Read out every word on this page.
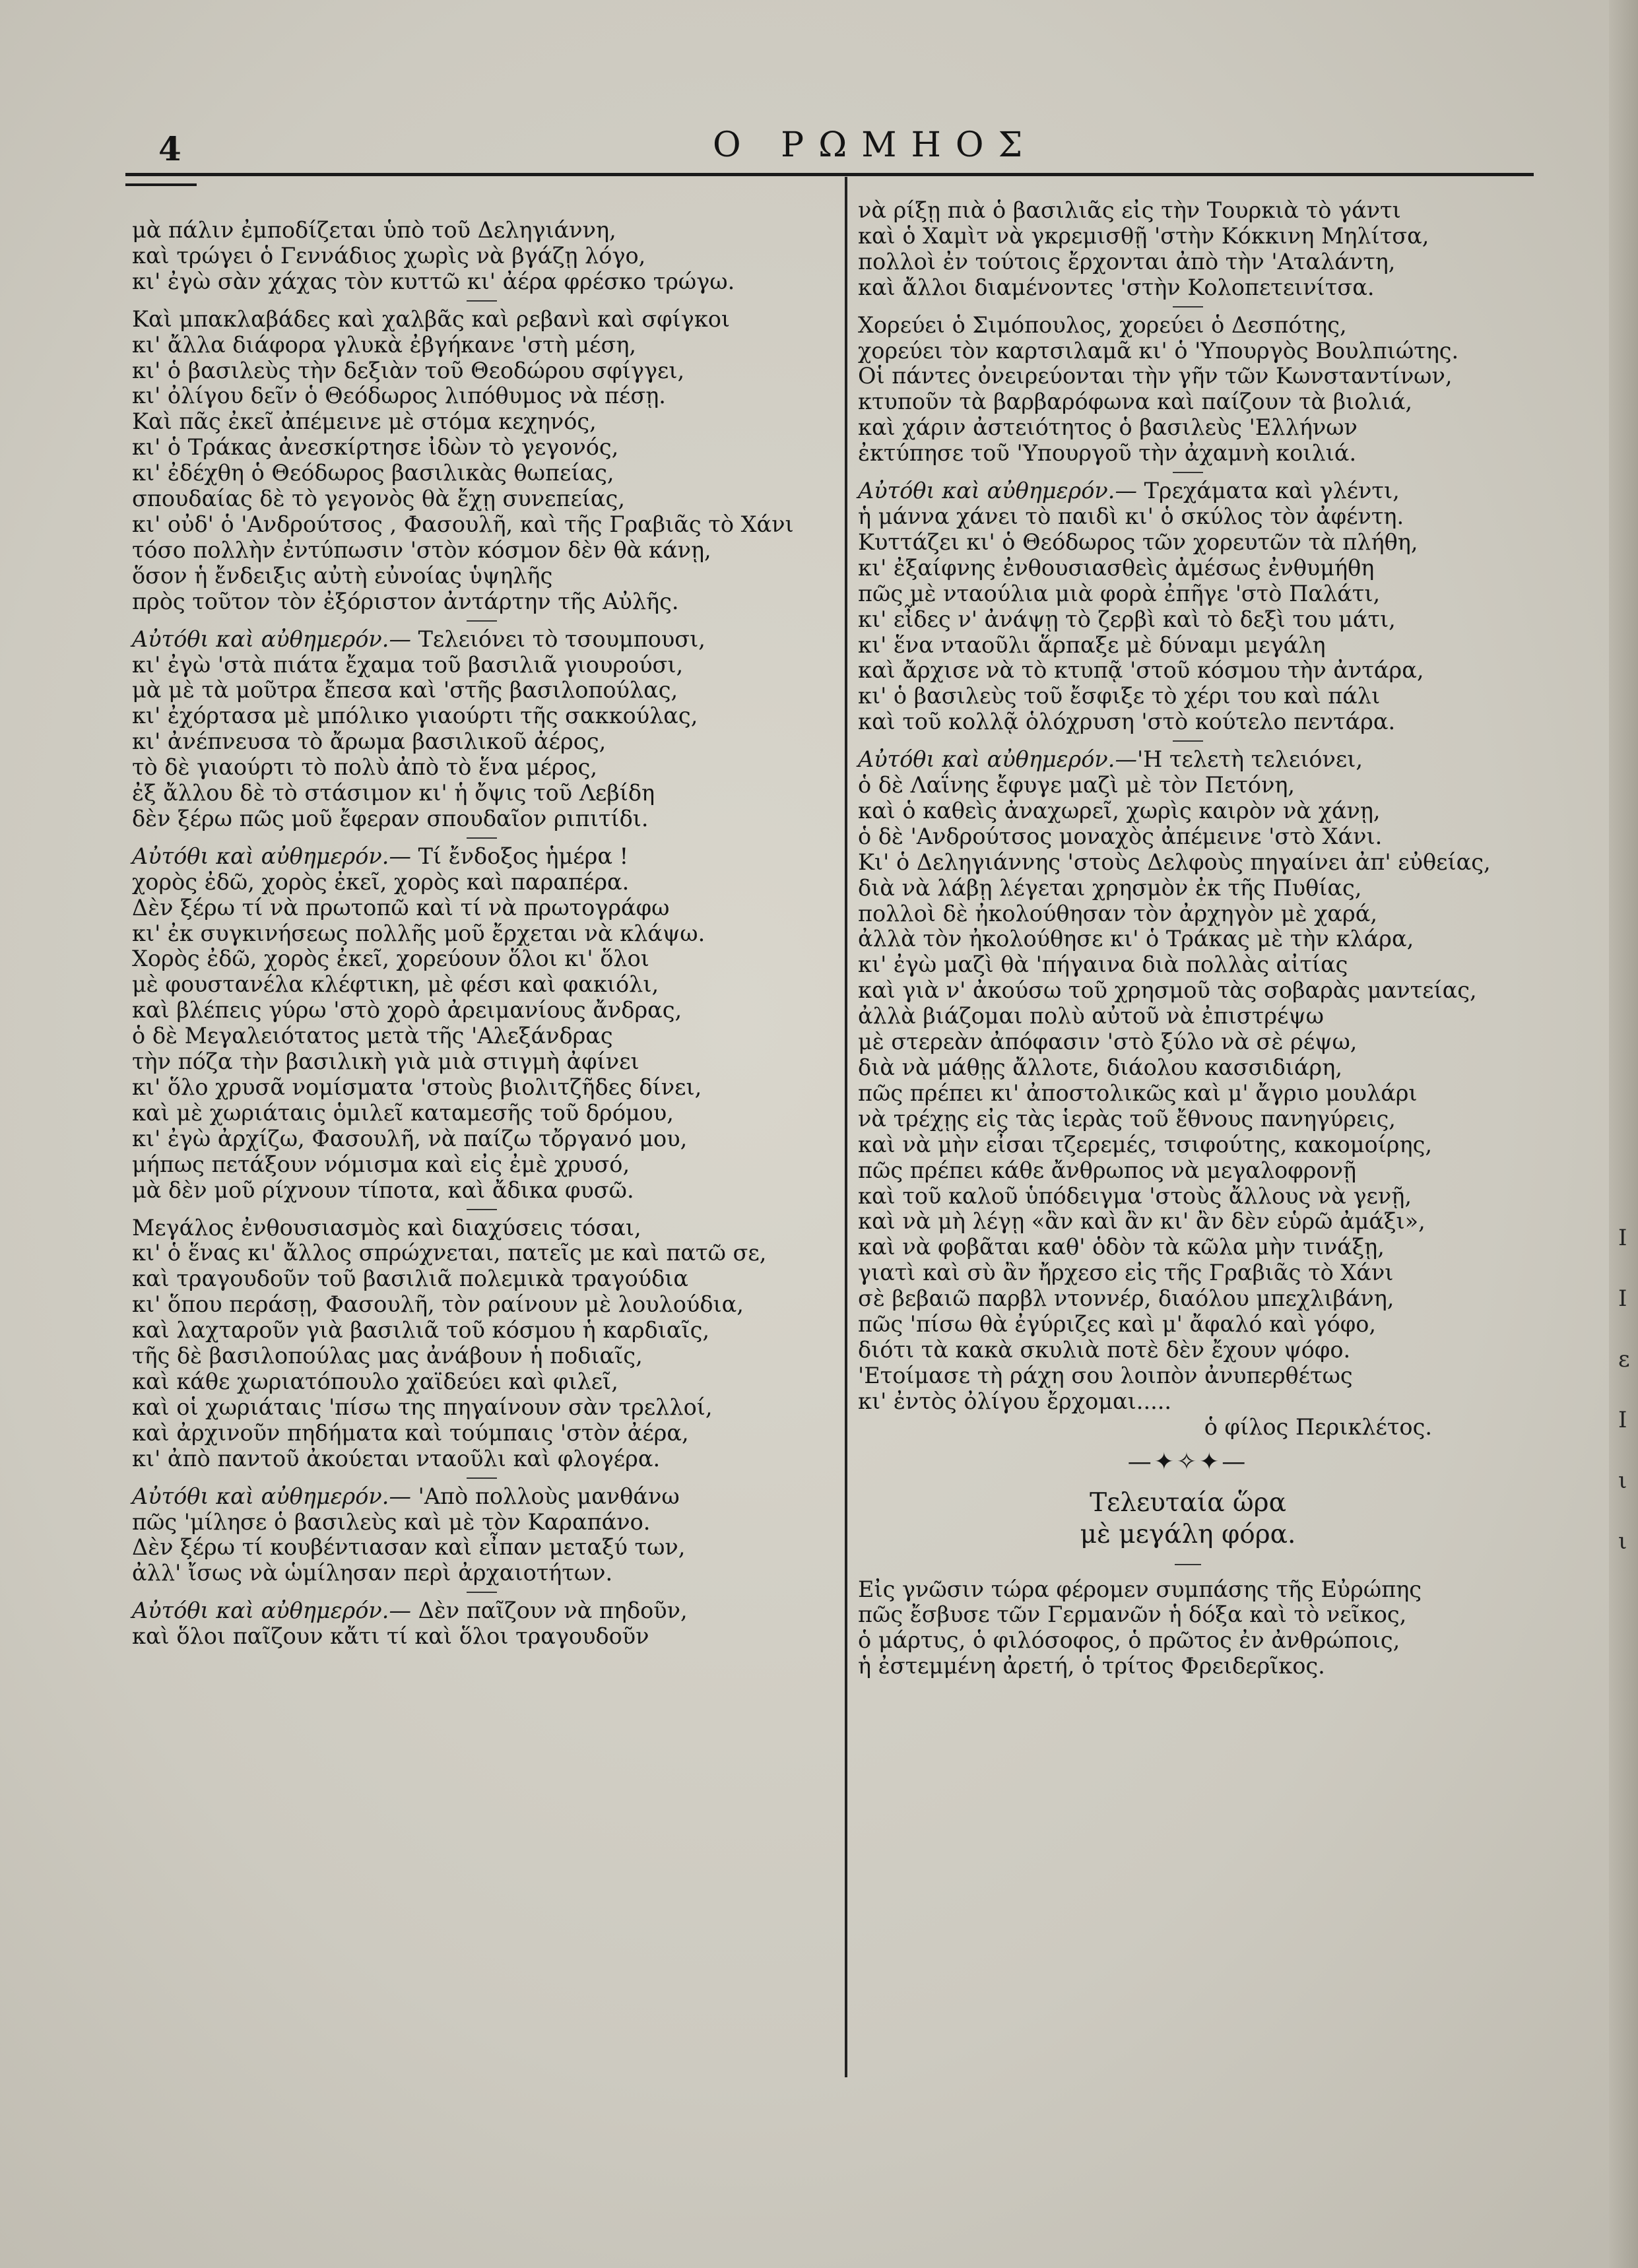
4	Ο ΡΩΜΗΟΣ
μὰ πάλιν ἐμποδίζεται ὑπὸ τοῦ Δεληγιάννη,
καὶ τρώγει ὁ Γεννάδιος χωρὶς νὰ βγάζῃ λόγο,
κι' ἐγὼ σὰν χάχας τὸν κυττῶ κι' ἀέρα φρέσκο τρώγω.
Καὶ μπακλαβάδες καὶ χαλβᾶς καὶ ρεβανὶ καὶ σφίγκοι
κι' ἄλλα διάφορα γλυκὰ ἐβγήκανε 'στὴ μέση,
κι' ὁ βασιλεὺς τὴν δεξιὰν τοῦ Θεοδώρου σφίγγει,
κι' ὀλίγου δεῖν ὁ Θεόδωρος λιπόθυμος νὰ πέσῃ.
Καὶ πᾶς ἐκεῖ ἀπέμεινε μὲ στόμα κεχηνός,
κι' ὁ Τράκας ἀνεσκίρτησε ἰδὼν τὸ γεγονός,
κι' ἐδέχθη ὁ Θεόδωρος βασιλικὰς θωπείας,
σπουδαίας δὲ τὸ γεγονὸς θὰ ἔχῃ συνεπείας,
κι' οὐδ' ὁ 'Ανδρούτσος , Φασουλῆ, καὶ τῆς Γραβιᾶς τὸ Χάνι
τόσο πολλὴν ἐντύπωσιν 'στὸν κόσμον δὲν θὰ κάνῃ,
ὅσον ἡ ἔνδειξις αὐτὴ εὐνοίας ὑψηλῆς
πρὸς τοῦτον τὸν ἐξόριστον ἀντάρτην τῆς Αὐλῆς.
Αὐτόθι καὶ αὐθημερόν.— Τελειόνει τὸ τσουμπουσι,
κι' ἐγὼ 'στὰ πιάτα ἔχαμα τοῦ βασιλιᾶ γιουρούσι,
μὰ μὲ τὰ μοῦτρα ἔπεσα καὶ 'στῆς βασιλοπούλας,
κι' ἐχόρτασα μὲ μπόλικο γιαούρτι τῆς σακκούλας,
κι' ἀνέπνευσα τὸ ἄρωμα βασιλικοῦ ἀέρος,
τὸ δὲ γιαούρτι τὸ πολὺ ἀπὸ τὸ ἕνα μέρος,
ἐξ ἄλλου δὲ τὸ στάσιμον κι' ἡ ὄψις τοῦ Λεβίδη
δὲν ξέρω πῶς μοῦ ἔφεραν σπουδαῖον ριπιτίδι.
Αὐτόθι καὶ αὐθημερόν.— Τί ἔνδοξος ἡμέρα !
χορὸς ἐδῶ, χορὸς ἐκεῖ, χορὸς καὶ παραπέρα.
Δὲν ξέρω τί νὰ πρωτοπῶ καὶ τί νὰ πρωτογράφω
κι' ἐκ συγκινήσεως πολλῆς μοῦ ἔρχεται νὰ κλάψω.
Χορὸς ἐδῶ, χορὸς ἐκεῖ, χορεύουν ὅλοι κι' ὅλοι
μὲ φουστανέλα κλέφτικη, μὲ φέσι καὶ φακιόλι,
καὶ βλέπεις γύρω 'στὸ χορὸ ἀρειμανίους ἄνδρας,
ὁ δὲ Μεγαλειότατος μετὰ τῆς 'Αλεξάνδρας
τὴν πόζα τὴν βασιλικὴ γιὰ μιὰ στιγμὴ ἀφίνει
κι' ὅλο χρυσᾶ νομίσματα 'στοὺς βιολιτζῆδες δίνει,
καὶ μὲ χωριάταις ὁμιλεῖ καταμεσῆς τοῦ δρόμου,
κι' ἐγὼ ἀρχίζω, Φασουλῆ, νὰ παίζω τὄργανό μου,
μήπως πετάξουν νόμισμα καὶ εἰς ἐμὲ χρυσό,
μὰ δὲν μοῦ ρίχνουν τίποτα, καὶ ἄδικα φυσῶ.
Μεγάλος ἐνθουσιασμὸς καὶ διαχύσεις τόσαι,
κι' ὁ ἕνας κι' ἄλλος σπρώχνεται, πατεῖς με καὶ πατῶ σε,
καὶ τραγουδοῦν τοῦ βασιλιᾶ πολεμικὰ τραγούδια
κι' ὅπου περάσῃ, Φασουλῆ, τὸν ραίνουν μὲ λουλούδια,
καὶ λαχταροῦν γιὰ βασιλιᾶ τοῦ κόσμου ἡ καρδιαῖς,
τῆς δὲ βασιλοπούλας μας ἀνάβουν ἡ ποδιαῖς,
καὶ κάθε χωριατόπουλο χαϊδεύει καὶ φιλεῖ,
καὶ οἱ χωριάταις 'πίσω της πηγαίνουν σὰν τρελλοί,
καὶ ἀρχινοῦν πηδήματα καὶ τούμπαις 'στὸν ἀέρα,
κι' ἀπὸ παντοῦ ἀκούεται νταοῦλι καὶ φλογέρα.
Αὐτόθι καὶ αὐθημερόν.— 'Απὸ πολλοὺς μανθάνω
πῶς 'μίλησε ὁ βασιλεὺς καὶ μὲ τὸν Καραπάνο.
Δὲν ξέρω τί κουβέντιασαν καὶ εἶπαν μεταξύ των,
ἀλλ' ἴσως νὰ ὡμίλησαν περὶ ἀρχαιοτήτων.
Αὐτόθι καὶ αὐθημερόν.— Δὲν παῖζουν νὰ πηδοῦν,
καὶ ὅλοι παῖζουν κἄτι τί καὶ ὅλοι τραγουδοῦν
νὰ ρίξῃ πιὰ ὁ βασιλιᾶς εἰς τὴν Τουρκιὰ τὸ γάντι
καὶ ὁ Χαμὶτ νὰ γκρεμισθῇ 'στὴν Κόκκινη Μηλίτσα,
πολλοὶ ἐν τούτοις ἔρχονται ἀπὸ τὴν 'Αταλάντη,
καὶ ἄλλοι διαμένοντες 'στὴν Κολοπετεινίτσα.
Χορεύει ὁ Σιμόπουλος, χορεύει ὁ Δεσπότης,
χορεύει τὸν καρτσιλαμᾶ κι' ὁ 'Υπουργὸς Βουλπιώτης.
Οἱ πάντες ὀνειρεύονται τὴν γῆν τῶν Κωνσταντίνων,
κτυποῦν τὰ βαρβαρόφωνα καὶ παίζουν τὰ βιολιά,
καὶ χάριν ἀστειότητος ὁ βασιλεὺς 'Ελλήνων
ἐκτύπησε τοῦ 'Υπουργοῦ τὴν ἀχαμνὴ κοιλιά.
Αὐτόθι καὶ αὐθημερόν.— Τρεχάματα καὶ γλέντι,
ἡ μάννα χάνει τὸ παιδὶ κι' ὁ σκύλος τὸν ἀφέντη.
Κυττάζει κι' ὁ Θεόδωρος τῶν χορευτῶν τὰ πλήθη,
κι' ἐξαίφνης ἐνθουσιασθεὶς ἀμέσως ἐνθυμήθη
πῶς μὲ νταούλια μιὰ φορὰ ἐπῆγε 'στὸ Παλάτι,
κι' εἶδες ν' ἀνάψῃ τὸ ζερβὶ καὶ τὸ δεξὶ του μάτι,
κι' ἕνα νταοῦλι ἅρπαξε μὲ δύναμι μεγάλη
καὶ ἄρχισε νὰ τὸ κτυπᾷ 'στοῦ κόσμου τὴν ἀντάρα,
κι' ὁ βασιλεὺς τοῦ ἔσφιξε τὸ χέρι του καὶ πάλι
καὶ τοῦ κολλᾷ ὁλόχρυση 'στὸ κούτελο πεντάρα.
Αὐτόθι καὶ αὐθημερόν.—'Η τελετὴ τελειόνει,
ὁ δὲ Λαΐνης ἔφυγε μαζὶ μὲ τὸν Πετόνη,
καὶ ὁ καθεὶς ἀναχωρεῖ, χωρὶς καιρὸν νὰ χάνῃ,
ὁ δὲ 'Ανδρούτσος μοναχὸς ἀπέμεινε 'στὸ Χάνι.
Κι' ὁ Δεληγιάννης 'στοὺς Δελφοὺς πηγαίνει ἀπ' εὐθείας,
διὰ νὰ λάβῃ λέγεται χρησμὸν ἐκ τῆς Πυθίας,
πολλοὶ δὲ ἠκολούθησαν τὸν ἀρχηγὸν μὲ χαρά,
ἀλλὰ τὸν ἠκολούθησε κι' ὁ Τράκας μὲ τὴν κλάρα,
κι' ἐγὼ μαζὶ θὰ 'πήγαινα διὰ πολλὰς αἰτίας
καὶ γιὰ ν' ἀκούσω τοῦ χρησμοῦ τὰς σοβαρὰς μαντείας,
ἀλλὰ βιάζομαι πολὺ αὐτοῦ νὰ ἐπιστρέψω
μὲ στερεὰν ἀπόφασιν 'στὸ ξύλο νὰ σὲ ρέψω,
διὰ νὰ μάθῃς ἄλλοτε, διάολου κασσιδιάρη,
πῶς πρέπει κι' ἀποστολικῶς καὶ μ' ἄγριο μουλάρι
νὰ τρέχῃς εἰς τὰς ἱερὰς τοῦ ἔθνους πανηγύρεις,
καὶ νὰ μὴν εἶσαι τζερεμές, τσιφούτης, κακομοίρης,
πῶς πρέπει κάθε ἄνθρωπος νὰ μεγαλοφρονῇ
καὶ τοῦ καλοῦ ὑπόδειγμα 'στοὺς ἄλλους νὰ γενῇ,
καὶ νὰ μὴ λέγῃ «ἂν καὶ ἂν κι' ἂν δὲν εὑρῶ ἀμάξι»,
καὶ νὰ φοβᾶται καθ' ὁδὸν τὰ κῶλα μὴν τινάξῃ,
γιατὶ καὶ σὺ ἂν ἤρχεσο εἰς τῆς Γραβιᾶς τὸ Χάνι
σὲ βεβαιῶ παρβλ ντοννέρ, διαόλου μπεχλιβάνη,
πῶς 'πίσω θὰ ἐγύριζες καὶ μ' ἄφαλό καὶ γόφο,
διότι τὰ κακὰ σκυλιὰ ποτὲ δὲν ἔχουν ψόφο.
'Ετοίμασε τὴ ράχη σου λοιπὸν ἀνυπερθέτως
κι' ἐντὸς ὀλίγου ἔρχομαι.....
ὁ φίλος Περικλέτος.
—✦✧✦—
Τελευταία ὥρα
μὲ μεγάλη φόρα.
Εἰς γνῶσιν τώρα φέρομεν συμπάσης τῆς Εὐρώπης
πῶς ἔσβυσε τῶν Γερμανῶν ἡ δόξα καὶ τὸ νεῖκος,
ὁ μάρτυς, ὁ φιλόσοφος, ὁ πρῶτος ἐν ἀνθρώποις,
ἡ ἐστεμμένη ἀρετή, ὁ τρίτος Φρειδερῖκος.
Ι
Ι
ε
Ι
ι
ι
